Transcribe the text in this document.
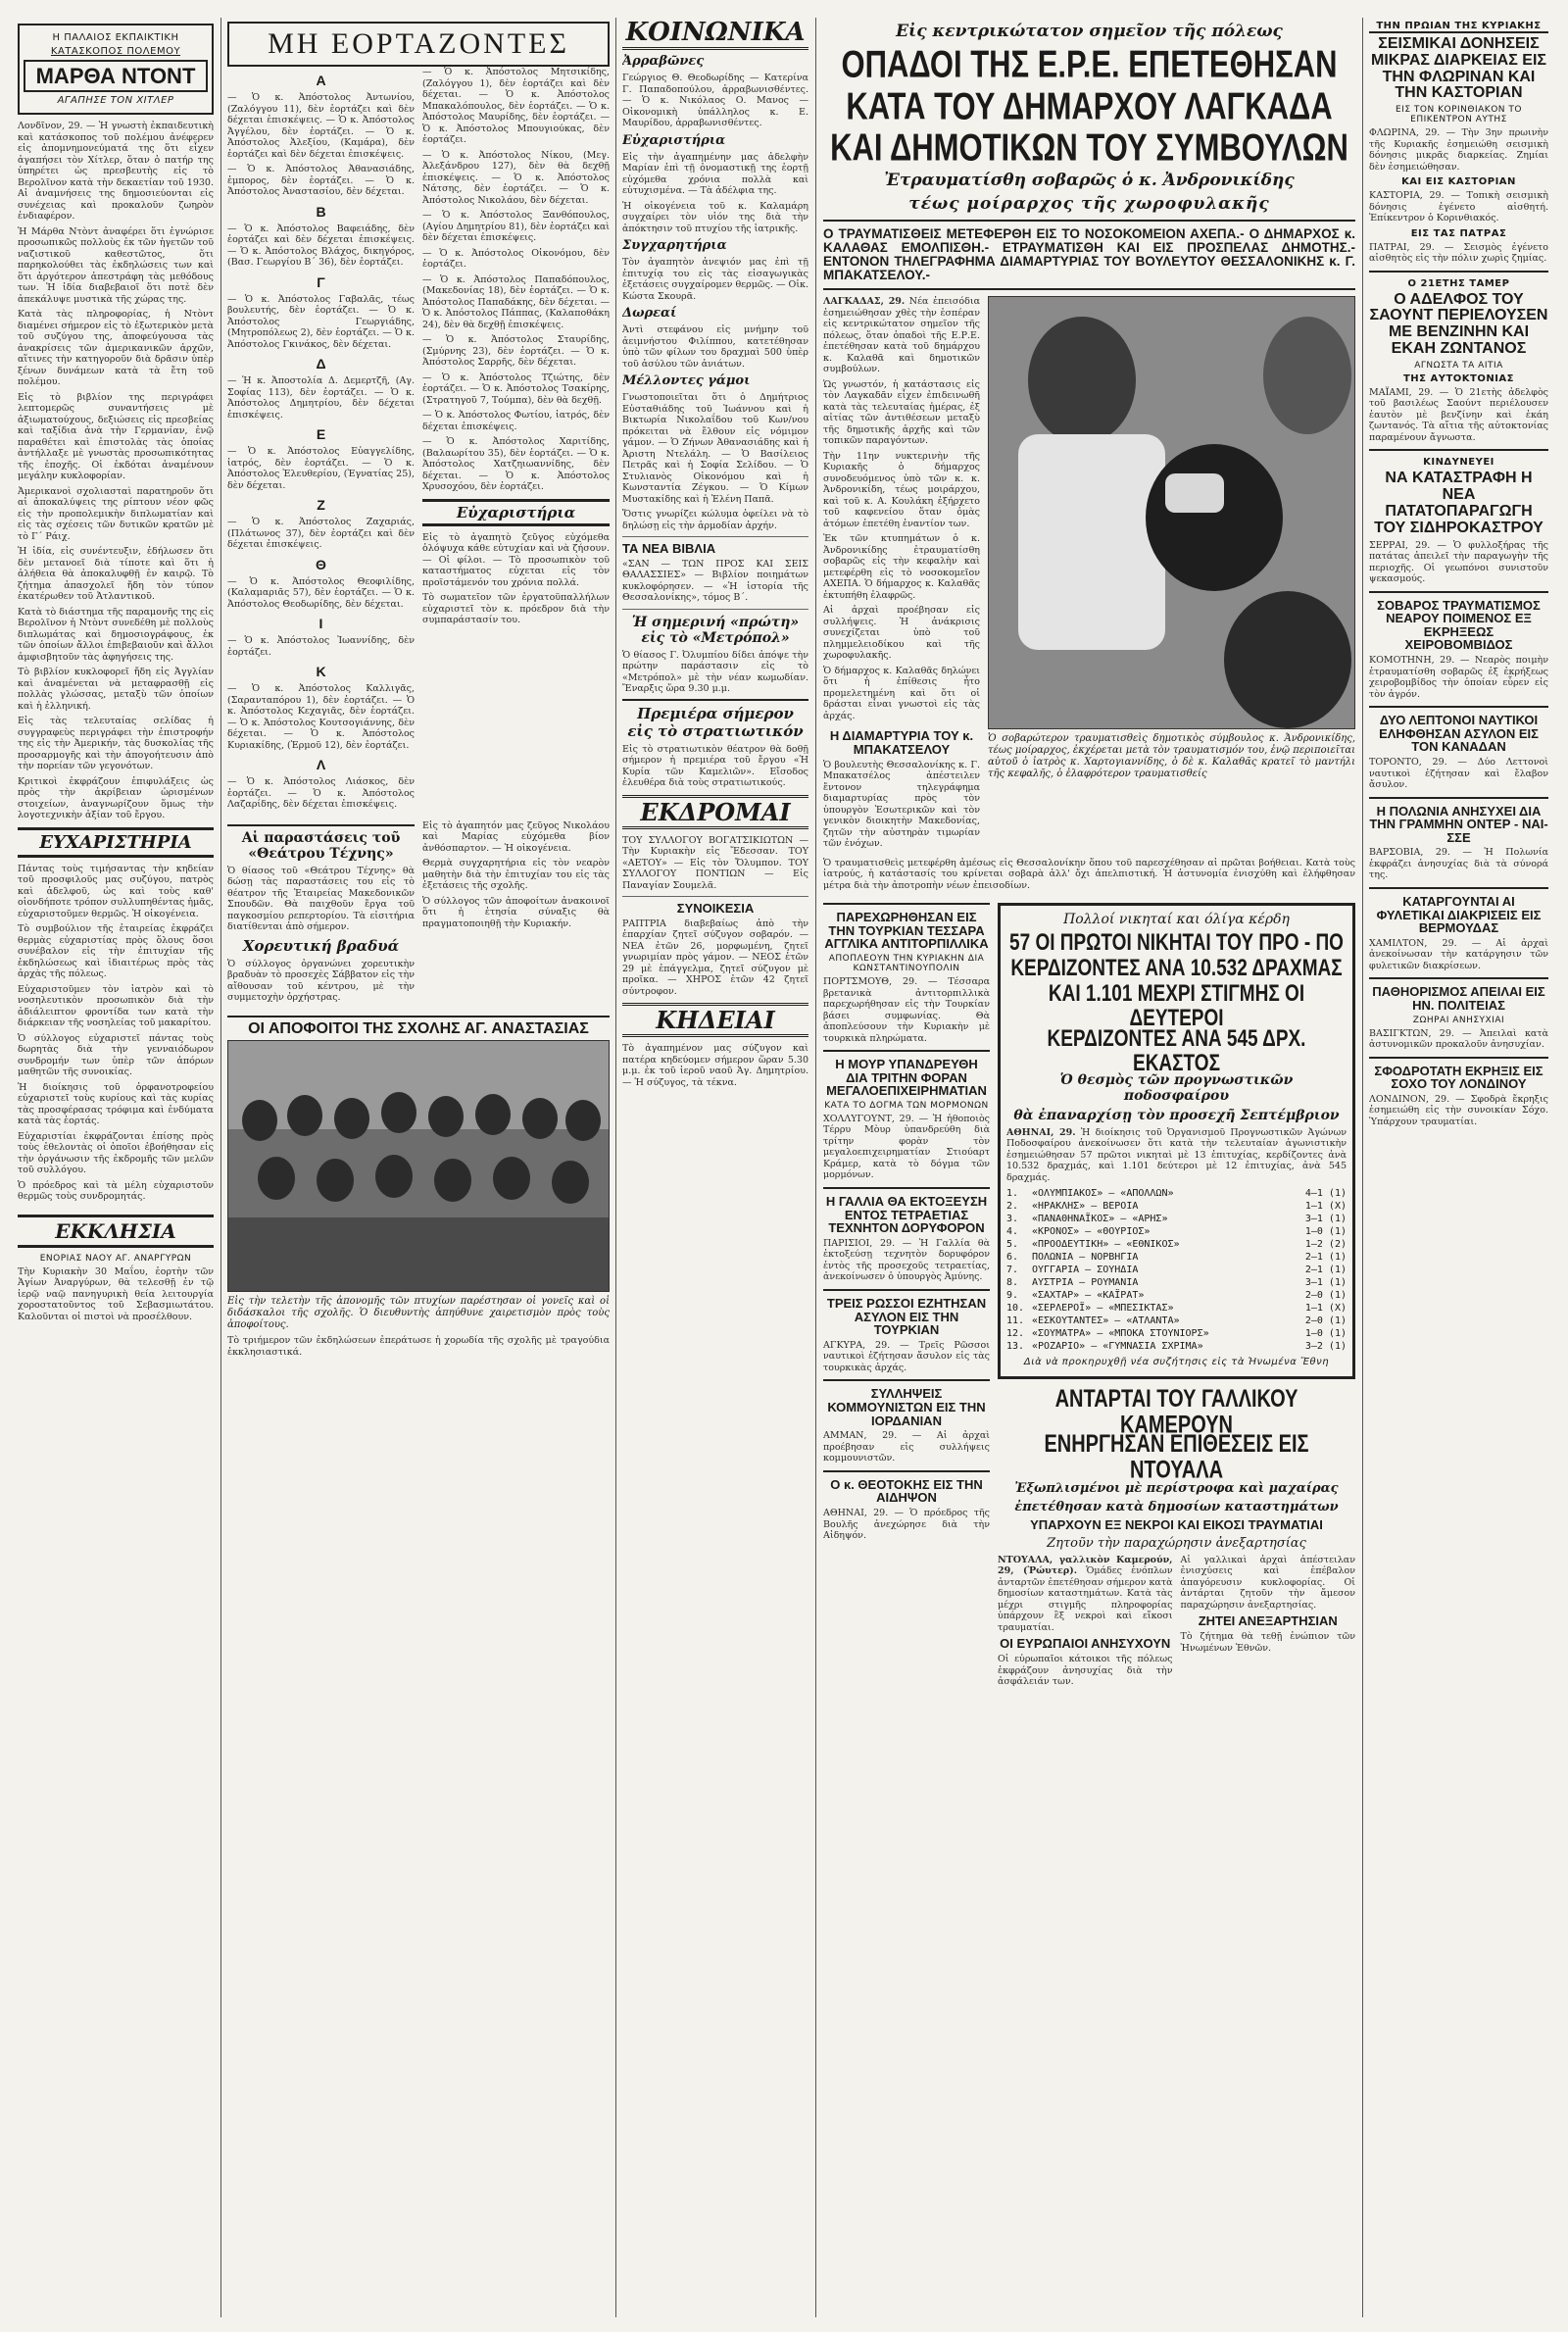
Η ΠΑΛΑΙΟΣ ΕΚΠΑΙΚΤΙΚΗ
ΚΑΤΑΣΚΟΠΟΣ ΠΟΛΕΜΟΥ
ΜΑΡΘΑ ΝΤΟΝΤ
ΑΓΑΠΗΣΕ ΤΟΝ ΧΙΤΛΕΡ

Λονδῖνον, 29. — Ἡ γνωστὴ ἐκπαιδευτικὴ καὶ κατάσκοπος τοῦ πολέμου ἀνέφερεν εἰς ἀπομνημονεύματά της ὅτι εἶχεν ἀγαπήσει τὸν Χίτλερ, ὅταν ὁ πατήρ της ὑπηρέτει ὡς πρεσβευτὴς εἰς τὸ Βερολῖνον κατὰ τὴν δεκαετίαν τοῦ 1930. Αἱ ἀναμνήσεις της δημοσιεύονται εἰς συνέχειας καὶ προκαλοῦν ζωηρὸν ἐνδιαφέρον.

Ἡ Μάρθα Ντὸντ ἀναφέρει ὅτι ἐγνώρισε προσωπικῶς πολλοὺς ἐκ τῶν ἡγετῶν τοῦ ναζιστικοῦ καθεστῶτος, ὅτι παρηκολούθει τὰς ἐκδηλώσεις των καὶ ὅτι ἀργότερον ἀπεστράφη τὰς μεθόδους των. Ἡ ἰδία διαβεβαιοῖ ὅτι ποτὲ δὲν ἀπεκάλυψε μυστικὰ τῆς χώρας της.

Κατὰ τὰς πληροφορίας, ἡ Ντὸντ διαμένει σήμερον εἰς τὸ ἐξωτερικὸν μετὰ τοῦ συζύγου της, ἀποφεύγουσα τὰς ἀνακρίσεις τῶν ἀμερικανικῶν ἀρχῶν, αἵτινες τὴν κατηγοροῦν διὰ δρᾶσιν ὑπὲρ ξένων δυνάμεων κατὰ τὰ ἔτη τοῦ πολέμου.

Εἰς τὸ βιβλίον της περιγράφει λεπτομερῶς συναντήσεις μὲ ἀξιωματούχους, δεξιώσεις εἰς πρεσβείας καὶ ταξίδια ἀνὰ τὴν Γερμανίαν, ἐνῷ παραθέτει καὶ ἐπιστολὰς τὰς ὁποίας ἀντήλλαξε μὲ γνωστὰς προσωπικότητας τῆς ἐποχῆς. Οἱ ἐκδόται ἀναμένουν μεγάλην κυκλοφορίαν.

Ἀμερικανοὶ σχολιασταὶ παρατηροῦν ὅτι αἱ ἀποκαλύψεις της ρίπτουν νέον φῶς εἰς τὴν προπολεμικὴν διπλωματίαν καὶ εἰς τὰς σχέσεις τῶν δυτικῶν κρατῶν μὲ τὸ Γ΄ Ράιχ.

Ἡ ἰδία, εἰς συνέντευξιν, ἐδήλωσεν ὅτι δὲν μετανοεῖ διὰ τίποτε καὶ ὅτι ἡ ἀλήθεια θὰ ἀποκαλυφθῇ ἐν καιρῷ. Τὸ ζήτημα ἀπασχολεῖ ἤδη τὸν τύπον ἑκατέρωθεν τοῦ Ἀτλαντικοῦ.

Κατὰ τὸ διάστημα τῆς παραμονῆς της εἰς Βερολῖνον ἡ Ντὸντ συνεδέθη μὲ πολλοὺς διπλωμάτας καὶ δημοσιογράφους, ἐκ τῶν ὁποίων ἄλλοι ἐπιβεβαιοῦν καὶ ἄλλοι ἀμφισβητοῦν τὰς ἀφηγήσεις της.

Τὸ βιβλίον κυκλοφορεῖ ἤδη εἰς Ἀγγλίαν καὶ ἀναμένεται νὰ μεταφρασθῇ εἰς πολλὰς γλώσσας, μεταξὺ τῶν ὁποίων καὶ ἡ ἑλληνική.

Εἰς τὰς τελευταίας σελίδας ἡ συγγραφεὺς περιγράφει τὴν ἐπιστροφήν της εἰς τὴν Ἀμερικήν, τὰς δυσκολίας τῆς προσαρμογῆς καὶ τὴν ἀπογοήτευσιν ἀπὸ τὴν πορείαν τῶν γεγονότων.

Κριτικοὶ ἐκφράζουν ἐπιφυλάξεις ὡς πρὸς τὴν ἀκρίβειαν ὡρισμένων στοιχείων, ἀναγνωρίζουν ὅμως τὴν λογοτεχνικὴν ἀξίαν τοῦ ἔργου.

ΕΥΧΑΡΙΣΤΗΡΙΑ

Πάντας τοὺς τιμήσαντας τὴν κηδείαν τοῦ προσφιλοῦς μας συζύγου, πατρὸς καὶ ἀδελφοῦ, ὡς καὶ τοὺς καθ' οἱονδήποτε τρόπον συλλυπηθέντας ἡμᾶς, εὐχαριστοῦμεν θερμῶς. Ἡ οἰκογένεια.

Τὸ συμβούλιον τῆς ἑταιρείας ἐκφράζει θερμὰς εὐχαριστίας πρὸς ὅλους ὅσοι συνέβαλον εἰς τὴν ἐπιτυχίαν τῆς ἐκδηλώσεως καὶ ἰδιαιτέρως πρὸς τὰς ἀρχὰς τῆς πόλεως.

Εὐχαριστοῦμεν τὸν ἰατρὸν καὶ τὸ νοσηλευτικὸν προσωπικὸν διὰ τὴν ἀδιάλειπτον φροντίδα των κατὰ τὴν διάρκειαν τῆς νοσηλείας τοῦ μακαρίτου.

Ὁ σύλλογος εὐχαριστεῖ πάντας τοὺς δωρητὰς διὰ τὴν γενναιόδωρον συνδρομήν των ὑπὲρ τῶν ἀπόρων μαθητῶν τῆς συνοικίας.

Ἡ διοίκησις τοῦ ὀρφανοτροφείου εὐχαριστεῖ τοὺς κυρίους καὶ τὰς κυρίας τὰς προσφέρασας τρόφιμα καὶ ἐνδύματα κατὰ τὰς ἑορτάς.

Εὐχαριστίαι ἐκφράζονται ἐπίσης πρὸς τοὺς ἐθελοντὰς οἱ ὁποῖοι ἐβοήθησαν εἰς τὴν ὀργάνωσιν τῆς ἐκδρομῆς τῶν μελῶν τοῦ συλλόγου.

Ὁ πρόεδρος καὶ τὰ μέλη εὐχαριστοῦν θερμῶς τοὺς συνδρομητάς.

ΕΚΚΛΗΣΙΑ
ΕΝΟΡΙΑΣ ΝΑΟΥ ΑΓ. ΑΝΑΡΓΥΡΩΝ

Τὴν Κυριακὴν 30 Μαΐου, ἑορτὴν τῶν Ἁγίων Ἀναργύρων, θὰ τελεσθῇ ἐν τῷ ἱερῷ ναῷ πανηγυρικὴ θεία λειτουργία χοροστατοῦντος τοῦ Σεβασμιωτάτου. Καλοῦνται οἱ πιστοὶ νὰ προσέλθουν.

ΜΗ ΕΟΡΤΑΖΟΝΤΕΣ
Α

— Ὁ κ. Ἀπόστολος Ἀντωνίου, (Ζαλόγγου 11), δὲν ἑορτάζει καὶ δὲν δέχεται ἐπισκέψεις. — Ὁ κ. Ἀπόστολος Ἀγγέλου, δὲν ἑορτάζει. — Ὁ κ. Ἀπόστολος Ἀλεξίου, (Καμάρα), δὲν ἑορτάζει καὶ δὲν δέχεται ἐπισκέψεις.

— Ὁ κ. Ἀπόστολος Ἀθανασιάδης, ἐμπορος, δὲν ἑορτάζει. — Ὁ κ. Ἀπόστολος Ἀναστασίου, δὲν δέχεται.

Β

— Ὁ κ. Ἀπόστολος Βαφειάδης, δὲν ἑορτάζει καὶ δὲν δέχεται ἐπισκέψεις. — Ὁ κ. Ἀπόστολος Βλάχος, δικηγόρος, (Βασ. Γεωργίου Β΄ 36), δὲν ἑορτάζει.

Γ

— Ὁ κ. Ἀπόστολος Γαβαλᾶς, τέως βουλευτής, δὲν ἑορτάζει. — Ὁ κ. Ἀπόστολος Γεωργιάδης, (Μητροπόλεως 2), δὲν ἑορτάζει. — Ὁ κ. Ἀπόστολος Γκινάκος, δὲν δέχεται.

Δ

— Ἡ κ. Ἀποστολία Δ. Δεμερτζῆ, (Αγ. Σοφίας 113), δὲν ἑορτάζει. — Ὁ κ. Ἀπόστολος Δημητρίου, δὲν δέχεται ἐπισκέψεις.

Ε

— Ὁ κ. Ἀπόστολος Εὐαγγελίδης, ἰατρός, δὲν ἑορτάζει. — Ὁ κ. Ἀπόστολος Ἐλευθερίου, (Ἐγνατίας 25), δὲν δέχεται.

Ζ

— Ὁ κ. Ἀπόστολος Ζαχαριάς, (Πλάτωνος 37), δὲν ἑορτάζει καὶ δὲν δέχεται ἐπισκέψεις.

Θ

— Ὁ κ. Ἀπόστολος Θεοφιλίδης, (Καλαμαριᾶς 57), δὲν ἑορτάζει. — Ὁ κ. Ἀπόστολος Θεοδωρίδης, δὲν δέχεται.

Ι

— Ὁ κ. Ἀπόστολος Ἰωαννίδης, δὲν ἑορτάζει.

Κ

— Ὁ κ. Ἀπόστολος Καλλιγᾶς, (Σαρανταπόρου 1), δὲν ἑορτάζει. — Ὁ κ. Ἀπόστολος Κεχαγιᾶς, δὲν ἑορτάζει. — Ὁ κ. Ἀπόστολος Κουτσογιάννης, δὲν δέχεται. — Ὁ κ. Ἀπόστολος Κυριακίδης, (Ἑρμοῦ 12), δὲν ἑορτάζει.

Λ

— Ὁ κ. Ἀπόστολος Λιάσκος, δὲν ἑορτάζει. — Ὁ κ. Ἀπόστολος Λαζαρίδης, δὲν δέχεται ἐπισκέψεις.

— Ὁ κ. Ἀπόστολος Μητσικίδης, (Ζαλόγγου 1), δὲν ἑορτάζει καὶ δὲν δέχεται. — Ὁ κ. Ἀπόστολος Μπακαλόπουλος, δὲν ἑορτάζει. — Ὁ κ. Ἀπόστολος Μαυρίδης, δὲν ἑορτάζει. — Ὁ κ. Ἀπόστολος Μπουγιούκας, δὲν ἑορτάζει.

— Ὁ κ. Ἀπόστολος Νίκου, (Μεγ. Ἀλεξάνδρου 127), δὲν θὰ δεχθῇ ἐπισκέψεις. — Ὁ κ. Ἀπόστολος Νάτσης, δὲν ἑορτάζει. — Ὁ κ. Ἀπόστολος Νικολάου, δὲν δέχεται.

— Ὁ κ. Ἀπόστολος Ξανθόπουλος, (Αγίου Δημητρίου 81), δὲν ἑορτάζει καὶ δὲν δέχεται ἐπισκέψεις.

— Ὁ κ. Ἀπόστολος Οἰκονόμου, δὲν ἑορτάζει.

— Ὁ κ. Ἀπόστολος Παπαδόπουλος, (Μακεδονίας 18), δὲν ἑορτάζει. — Ὁ κ. Ἀπόστολος Παπαδάκης, δὲν δέχεται. — Ὁ κ. Ἀπόστολος Πάππας, (Καλαποθάκη 24), δὲν θὰ δεχθῇ ἐπισκέψεις.

— Ὁ κ. Ἀπόστολος Σταυρίδης, (Σμύρνης 23), δὲν ἑορτάζει. — Ὁ κ. Ἀπόστολος Σαρρῆς, δὲν δέχεται.

— Ὁ κ. Ἀπόστολος Τζιώτης, δὲν ἑορτάζει. — Ὁ κ. Ἀπόστολος Τσακίρης, (Στρατηγοῦ 7, Τούμπα), δὲν θὰ δεχθῇ.

— Ὁ κ. Ἀπόστολος Φωτίου, ἰατρός, δὲν δέχεται ἐπισκέψεις.

— Ὁ κ. Ἀπόστολος Χαριτίδης, (Βαλαωρίτου 35), δὲν ἑορτάζει. — Ὁ κ. Ἀπόστολος Χατζηιωαννίδης, δὲν δέχεται. — Ὁ κ. Ἀπόστολος Χρυσοχόου, δὲν ἑορτάζει.

Εὐχαριστήρια

Εἰς τὸ ἀγαπητὸ ζεῦγος εὐχόμεθα ὁλόψυχα κάθε εὐτυχίαν καὶ νὰ ζήσουν. — Οἱ φίλοι. — Τὸ προσωπικὸν τοῦ καταστήματος εὐχεται εἰς τὸν προϊστάμενόν του χρόνια πολλά.

Τὸ σωματεῖον τῶν ἐργατοϋπαλλήλων εὐχαριστεῖ τὸν κ. πρόεδρον διὰ τὴν συμπαράστασίν του.

Αἱ παραστάσεις τοῦ «Θεάτρου Τέχνης»

Ὁ θίασος τοῦ «Θεάτρου Τέχνης» θὰ δώσῃ τὰς παραστάσεις του εἰς τὸ θέατρον τῆς Ἑταιρείας Μακεδονικῶν Σπουδῶν. Θὰ παιχθοῦν ἔργα τοῦ παγκοσμίου ρεπερτορίου. Τὰ εἰσιτήρια διατίθενται ἀπὸ σήμερον.

Χορευτική βραδυά

Ὁ σύλλογος ὀργανώνει χορευτικὴν βραδυὰν τὸ προσεχὲς Σάββατον εἰς τὴν αἴθουσαν τοῦ κέντρου, μὲ τὴν συμμετοχὴν ὀρχήστρας.

Εἰς τὸ ἀγαπητόν μας ζεῦγος Νικολάου καὶ Μαρίας εὐχόμεθα βίον ἀνθόσπαρτον. — Ἡ οἰκογένεια.

Θερμὰ συγχαρητήρια εἰς τὸν νεαρὸν μαθητὴν διὰ τὴν ἐπιτυχίαν του εἰς τὰς ἐξετάσεις τῆς σχολῆς.

Ὁ σύλλογος τῶν ἀποφοίτων ἀνακοινοῖ ὅτι ἡ ἐτησία σύναξις θὰ πραγματοποιηθῇ τὴν Κυριακήν.

ΟΙ ΑΠΟΦΟΙΤΟΙ ΤΗΣ ΣΧΟΛΗΣ ΑΓ. ΑΝΑΣΤΑΣΙΑΣ

Εἰς τὴν τελετὴν τῆς ἀπονομῆς τῶν πτυχίων παρέστησαν οἱ γονεῖς καὶ οἱ διδάσκαλοι τῆς σχολῆς. Ὁ διευθυντὴς ἀπηύθυνε χαιρετισμὸν πρὸς τοὺς ἀποφοίτους.

Τὸ τριήμερον τῶν ἐκδηλώσεων ἐπεράτωσε ἡ χορωδία τῆς σχολῆς μὲ τραγούδια ἐκκλησιαστικά.

ΚΟΙΝΩΝΙΚΑ
Ἀρραβῶνες

Γεώργιος Θ. Θεοδωρίδης — Κατερίνα Γ. Παπαδοπούλου, ἀρραβωνισθέντες. — Ὁ κ. Νικόλαος Ο. Μανος — Οἰκονομικὴ ὑπάλληλος κ. Ε. Μαυρίδου, ἀρραβωνισθέντες.

Εὐχαριστήρια

Εἰς τὴν ἀγαπημένην μας ἀδελφὴν Μαρίαν ἐπὶ τῇ ὀνομαστικῇ της ἑορτῇ εὐχόμεθα χρόνια πολλὰ καὶ εὐτυχισμένα. — Τὰ ἀδέλφια της.

Ἡ οἰκογένεια τοῦ κ. Καλαμάρη συγχαίρει τὸν υἱόν της διὰ τὴν ἀπόκτησιν τοῦ πτυχίου τῆς ἰατρικῆς.

Συγχαρητήρια

Τὸν ἀγαπητὸν ἀνεψιόν μας ἐπὶ τῇ ἐπιτυχίᾳ του εἰς τὰς εἰσαγωγικὰς ἐξετάσεις συγχαίρομεν θερμῶς. — Οἰκ. Κώστα Σκουρᾶ.

Δωρεαί

Ἀντὶ στεφάνου εἰς μνήμην τοῦ ἀειμνήστου Φιλίππου, κατετέθησαν ὑπὸ τῶν φίλων του δραχμαὶ 500 ὑπὲρ τοῦ ἀσύλου τῶν ἀνιάτων.

Μέλλοντες γάμοι

Γνωστοποιεῖται ὅτι ὁ Δημήτριος Εὐσταθιάδης τοῦ Ἰωάννου καὶ ἡ Βικτωρία Νικολαΐδου τοῦ Κων/νου πρόκειται νὰ ἔλθουν εἰς νόμιμον γάμον. — Ὁ Ζήνων Ἀθανασιάδης καὶ ἡ Ἀριστη Ντελάλη. — Ὁ Βασίλειος Πετρᾶς καὶ ἡ Σοφία Σελίδου. — Ὁ Στυλιανὸς Οἰκονόμου καὶ ἡ Κωνσταντία Ζέγκου. — Ὁ Κίμων Μυστακίδης καὶ ἡ Ἑλένη Παπᾶ.

Ὅστις γνωρίζει κώλυμα ὀφείλει νὰ τὸ δηλώσῃ εἰς τὴν ἁρμοδίαν ἀρχήν.

ΤΑ ΝΕΑ ΒΙΒΛΙΑ

«ΣΑΝ — ΤΩΝ ΠΡΟΣ ΚΑΙ ΣΕΙΣ ΘΑΛΑΣΣΙΕΣ» — Βιβλίον ποιημάτων κυκλοφόρησεν. — «Ἡ ἱστορία τῆς Θεσσαλονίκης», τόμος Β΄.

Ἡ σημερινή «πρώτη» εἰς τὸ «Μετρόπολ»

Ὁ θίασος Γ. Ὀλυμπίου δίδει ἀπόψε τὴν πρώτην παράστασιν εἰς τὸ «Μετρόπολ» μὲ τὴν νέαν κωμωδίαν. Ἔναρξις ὥρα 9.30 μ.μ.

Πρεμιέρα σήμερον εἰς τὸ στρατιωτικόν

Εἰς τὸ στρατιωτικὸν θέατρον θὰ δοθῇ σήμερον ἡ πρεμιέρα τοῦ ἔργου «Ἡ Κυρία τῶν Καμελιῶν». Εἴσοδος ἐλευθέρα διὰ τοὺς στρατιωτικούς.

ΕΚΔΡΟΜΑΙ

ΤΟΥ ΣΥΛΛΟΓΟΥ ΒΟΓΑΤΣΙΚΙΩΤΩΝ — Τὴν Κυριακὴν εἰς Ἔδεσσαν. ΤΟΥ «ΑΕΤΟΥ» — Εἰς τὸν Ὄλυμπον. ΤΟΥ ΣΥΛΛΟΓΟΥ ΠΟΝΤΙΩΝ — Εἰς Παναγίαν Σουμελᾶ.

ΣΥΝΟΙΚΕΣΙΑ

ΡΑΠΤΡΙΑ διαβεβαίως ἀπὸ τὴν ἐπαρχίαν ζητεῖ σύζυγον σοβαρόν. — ΝΕΑ ἐτῶν 26, μορφωμένη, ζητεῖ γνωριμίαν πρὸς γάμον. — ΝΕΟΣ ἐτῶν 29 μὲ ἐπάγγελμα, ζητεῖ σύζυγον μὲ προῖκα. — ΧΗΡΟΣ ἐτῶν 42 ζητεῖ σύντροφον.

ΚΗΔΕΙΑΙ

Τὸ ἀγαπημένον μας σύζυγον καὶ πατέρα κηδεύομεν σήμερον ὥραν 5.30 μ.μ. ἐκ τοῦ ἱεροῦ ναοῦ Ἁγ. Δημητρίου. — Ἡ σύζυγος, τὰ τέκνα.

Εἰς κεντρικώτατον σημεῖον τῆς πόλεως
ΟΠΑΔΟΙ ΤΗΣ Ε.Ρ.Ε. ΕΠΕΤΕΘΗΣΑΝ
ΚΑΤΑ ΤΟΥ ΔΗΜΑΡΧΟΥ ΛΑΓΚΑΔΑ
ΚΑΙ ΔΗΜΟΤΙΚΩΝ ΤΟΥ ΣΥΜΒΟΥΛΩΝ
Ἐτραυματίσθη σοβαρῶς ὁ κ. Ἀνδρονικίδης
τέως μοίραρχος τῆς χωροφυλακῆς
Ο ΤΡΑΥΜΑΤΙΣΘΕΙΣ ΜΕΤΕΦΕΡΘΗ ΕΙΣ ΤΟ ΝΟΣΟΚΟΜΕΙΟΝ ΑΧΕΠΑ.- Ο ΔΗΜΑΡΧΟΣ κ. ΚΑΛΑΘΑΣ ΕΜΟΛΠΙΣΘΗ.- ΕΤΡΑΥΜΑΤΙΣΘΗ ΚΑΙ ΕΙΣ ΠΡΟΣΠΕΛΑΣ ΔΗΜΟΤΗΣ.- ΕΝΤΟΝΟΝ ΤΗΛΕΓΡΑΦΗΜΑ ΔΙΑΜΑΡΤΥΡΙΑΣ ΤΟΥ ΒΟΥΛΕΥΤΟΥ ΘΕΣΣΑΛΟΝΙΚΗΣ κ. Γ. ΜΠΑΚΑΤΣΕΛΟΥ.-

ΛΑΓΚΑΔΑΣ, 29. Νέα ἐπεισόδια ἐσημειώθησαν χθὲς τὴν ἑσπέραν εἰς κεντρικώτατον σημεῖον τῆς πόλεως, ὅταν ὁπαδοὶ τῆς Ε.Ρ.Ε. ἐπετέθησαν κατὰ τοῦ δημάρχου κ. Καλαθᾶ καὶ δημοτικῶν συμβούλων.

Ὡς γνωστόν, ἡ κατάστασις εἰς τὸν Λαγκαδᾶν εἶχεν ἐπιδεινωθῆ κατὰ τὰς τελευταίας ἡμέρας, ἐξ αἰτίας τῶν ἀντιθέσεων μεταξὺ τῆς δημοτικῆς ἀρχῆς καὶ τῶν τοπικῶν παραγόντων.

Τὴν 11ην νυκτερινὴν τῆς Κυριακῆς ὁ δήμαρχος συνοδευόμενος ὑπὸ τῶν κ. κ. Ἀνδρονικίδη, τέως μοιράρχου, καὶ τοῦ κ. Α. Κουλάκη ἐξήρχετο τοῦ καφενείου ὅταν ὁμὰς ἀτόμων ἐπετέθη ἐναντίον των.

Ἐκ τῶν κτυπημάτων ὁ κ. Ἀνδρονικίδης ἐτραυματίσθη σοβαρῶς εἰς τὴν κεφαλὴν καὶ μετεφέρθη εἰς τὸ νοσοκομεῖον ΑΧΕΠΑ. Ὁ δήμαρχος κ. Καλαθᾶς ἐκτυπήθη ἐλαφρῶς.

Αἱ ἀρχαὶ προέβησαν εἰς συλλήψεις. Ἡ ἀνάκρισις συνεχίζεται ὑπὸ τοῦ πλημμελειοδίκου καὶ τῆς χωροφυλακῆς.

Ὁ δήμαρχος κ. Καλαθᾶς δηλώνει ὅτι ἡ ἐπίθεσις ἦτο προμελετημένη καὶ ὅτι οἱ δράσται εἶναι γνωστοὶ εἰς τὰς ἀρχάς.

Η ΔΙΑΜΑΡΤΥΡΙΑ ΤΟΥ κ. ΜΠΑΚΑΤΣΕΛΟΥ

Ὁ βουλευτὴς Θεσσαλονίκης κ. Γ. Μπακατσέλος ἀπέστειλεν ἔντονον τηλεγράφημα διαμαρτυρίας πρὸς τὸν ὑπουργὸν Ἐσωτερικῶν καὶ τὸν γενικὸν διοικητὴν Μακεδονίας, ζητῶν τὴν αὐστηρὰν τιμωρίαν τῶν ἐνόχων.

Ὁ σοβαρώτερον τραυματισθεὶς δημοτικὸς σύμβουλος κ. Ἀνδρονικίδης, τέως μοίραρχος, ἐκχέρεται μετὰ τὸν τραυματισμόν του, ἐνῷ περιποιεῖται αὐτοῦ ὁ ἰατρὸς κ. Χαρτογιαννίδης, ὁ δὲ κ. Καλαθᾶς κρατεῖ τὸ μαντήλι τῆς κεφαλῆς, ὁ ἐλαφρότερον τραυματισθείς

Ὁ τραυματισθεὶς μετεφέρθη ἀμέσως εἰς Θεσσαλονίκην ὅπου τοῦ παρεσχέθησαν αἱ πρῶται βοήθειαι. Κατὰ τοὺς ἰατρούς, ἡ κατάστασίς του κρίνεται σοβαρὰ ἀλλ' ὄχι ἀπελπιστική. Ἡ ἀστυνομία ἐνισχύθη καὶ ἐλήφθησαν μέτρα διὰ τὴν ἀποτροπὴν νέων ἐπεισοδίων.

ΠΑΡΕΧΩΡΗΘΗΣΑΝ ΕΙΣ ΤΗΝ ΤΟΥΡΚΙΑΝ ΤΕΣΣΑΡΑ ΑΓΓΛΙΚΑ ΑΝΤΙΤΟΡΠΙΛΛΙΚΑ
ΑΠΟΠΛΕΟΥΝ ΤΗΝ ΚΥΡΙΑΚΗΝ ΔΙΑ ΚΩΝΣΤΑΝΤΙΝΟΥΠΟΛΙΝ

ΠΟΡΤΣΜΟΥΘ, 29. — Τέσσαρα βρετανικὰ ἀντιτορπιλλικὰ παρεχωρήθησαν εἰς τὴν Τουρκίαν βάσει συμφωνίας. Θὰ ἀποπλεύσουν τὴν Κυριακὴν μὲ τουρκικὰ πληρώματα.

Η ΜΟΥΡ ΥΠΑΝΔΡΕΥΘΗ ΔΙΑ ΤΡΙΤΗΝ ΦΟΡΑΝ ΜΕΓΑΛΟΕΠΙΧΕΙΡΗΜΑΤΙΑΝ
ΚΑΤΑ ΤΟ ΔΟΓΜΑ ΤΩΝ ΜΟΡΜΟΝΩΝ

ΧΟΛΛΥΓΟΥΝΤ, 29. — Ἡ ἠθοποιὸς Τέρρυ Μὸυρ ὑπανδρεύθη διὰ τρίτην φορὰν τὸν μεγαλοεπιχειρηματίαν Στιούαρτ Κράμερ, κατὰ τὸ δόγμα τῶν μορμόνων.

Η ΓΑΛΛΙΑ ΘΑ ΕΚΤΟΞΕΥΣΗ ΕΝΤΟΣ ΤΕΤΡΑΕΤΙΑΣ ΤΕΧΝΗΤΟΝ ΔΟΡΥΦΟΡΟΝ

ΠΑΡΙΣΙΟΙ, 29. — Ἡ Γαλλία θὰ ἐκτοξεύσῃ τεχνητὸν δορυφόρον ἐντὸς τῆς προσεχοῦς τετραετίας, ἀνεκοίνωσεν ὁ ὑπουργὸς Ἀμύνης.

ΤΡΕΙΣ ΡΩΣΣΟΙ ΕΖΗΤΗΣΑΝ ΑΣΥΛΟΝ ΕΙΣ ΤΗΝ ΤΟΥΡΚΙΑΝ

ΑΓΚΥΡΑ, 29. — Τρεῖς Ρῶσσοι ναυτικοὶ ἐζήτησαν ἄσυλον εἰς τὰς τουρκικὰς ἀρχάς.

ΣΥΛΛΗΨΕΙΣ ΚΟΜΜΟΥΝΙΣΤΩΝ ΕΙΣ ΤΗΝ ΙΟΡΔΑΝΙΑΝ

ΑΜΜΑΝ, 29. — Αἱ ἀρχαὶ προέβησαν εἰς συλλήψεις κομμουνιστῶν.

Ο κ. ΘΕΟΤΟΚΗΣ ΕΙΣ ΤΗΝ ΑΙΔΗΨΟΝ

ΑΘΗΝΑΙ, 29. — Ὁ πρόεδρος τῆς Βουλῆς ἀνεχώρησε διὰ τὴν Αἰδηψόν.

Πολλοί νικηταί και όλίγα κέρδη
57 ΟΙ ΠΡΩΤΟΙ ΝΙΚΗΤΑΙ ΤΟΥ ΠΡΟ - ΠΟ
ΚΕΡΔΙΖΟΝΤΕΣ ΑΝΑ 10.532 ΔΡΑΧΜΑΣ
ΚΑΙ 1.101 ΜΕΧΡΙ ΣΤΙΓΜΗΣ ΟΙ ΔΕΥΤΕΡΟΙ
ΚΕΡΔΙΖΟΝΤΕΣ ΑΝΑ 545 ΔΡΧ. ΕΚΑΣΤΟΣ
Ὁ θεσμὸς τῶν προγνωστικῶν ποδοσφαίρου
θὰ ἐπαναρχίσῃ τὸν προσεχῆ Σεπτέμβριον

ΑΘΗΝΑΙ, 29. Ἡ διοίκησις τοῦ Ὀργανισμοῦ Προγνωστικῶν Ἀγώνων Ποδοσφαίρου ἀνεκοίνωσεν ὅτι κατὰ τὴν τελευταίαν ἀγωνιστικὴν ἐσημειώθησαν 57 πρῶτοι νικηταὶ μὲ 13 ἐπιτυχίας, κερδίζοντες ἀνὰ 10.532 δραχμάς, καὶ 1.101 δεύτεροι μὲ 12 ἐπιτυχίας, ἀνὰ 545 δραχμάς.

1.	«ΟΛΥΜΠΙΑΚΟΣ» — «ΑΠΟΛΛΩΝ»	4—1 (1)
2.	«ΗΡΑΚΛΗΣ» — ΒΕΡΟΙΑ	1—1 (Χ)
3.	«ΠΑΝΑΘΗΝΑΪΚΟΣ» — «ΑΡΗΣ»	3—1 (1)
4.	«ΚΡΟΝΟΣ» — «ΘΟΥΡΙΟΣ»	1—0 (1)
5.	«ΠΡΟΟΔΕΥΤΙΚΗ» — «ΕΘΝΙΚΟΣ»	1—2 (2)
6.	ΠΟΛΩΝΙΑ — ΝΟΡΒΗΓΙΑ	2—1 (1)
7.	ΟΥΓΓΑΡΙΑ — ΣΟΥΗΔΙΑ	2—1 (1)
8.	ΑΥΣΤΡΙΑ — ΡΟΥΜΑΝΙΑ	3—1 (1)
9.	«ΣΑΧΤΑΡ» — «ΚΑΪΡΑΤ»	2—0 (1)
10. «ΣΕΡΛΕΡΟΪ» — «ΜΠΕΣΙΚΤΑΣ»	1—1 (Χ)
11. «ΕΣΚΟΥΤΑΝΤΕΣ» — «ΑΤΛΑΝΤΑ»	2—0 (1)
12. «ΣΟΥΜΑΤΡΑ» — «ΜΠΟΚΑ ΣΤΟΥΝΙΟΡΣ»	1—0 (1)
13. «ΡΟΖΑΡΙΟ» — «ΓΥΜΝΑΣΙΑ ΣΧΡΙΜΑ»	3—2 (1)
Διὰ νὰ προκηρυχθῇ νέα συζήτησις εἰς τὰ Ἡνωμένα Ἔθνη
ΑΝΤΑΡΤΑΙ ΤΟΥ ΓΑΛΛΙΚΟΥ ΚΑΜΕΡΟΥΝ
ΕΝΗΡΓΗΣΑΝ ΕΠΙΘΕΣΕΙΣ ΕΙΣ ΝΤΟΥΑΛΑ
Ἐξωπλισμένοι μὲ περίστροφα καὶ μαχαίρας
ἐπετέθησαν κατὰ δημοσίων καταστημάτων
ΥΠΑΡΧΟΥΝ ΕΞ ΝΕΚΡΟΙ ΚΑΙ ΕΙΚΟΣΙ ΤΡΑΥΜΑΤΙΑΙ
Ζητοῦν τὴν παραχώρησιν ἀνεξαρτησίας

ΝΤΟΥΑΛΑ, γαλλικὸν Καμερούν, 29, (Ῥώυτερ). Ὁμάδες ἐνόπλων ἀνταρτῶν ἐπετέθησαν σήμερον κατὰ δημοσίων καταστημάτων. Κατὰ τὰς μέχρι στιγμῆς πληροφορίας ὑπάρχουν ἓξ νεκροὶ καὶ εἴκοσι τραυματίαι.

ΟΙ ΕΥΡΩΠΑΙΟΙ ΑΝΗΣΥΧΟΥΝ

Οἱ εὐρωπαῖοι κάτοικοι τῆς πόλεως ἐκφράζουν ἀνησυχίας διὰ τὴν ἀσφάλειάν των.

Αἱ γαλλικαὶ ἀρχαὶ ἀπέστειλαν ἐνισχύσεις καὶ ἐπέβαλον ἀπαγόρευσιν κυκλοφορίας. Οἱ ἀντάρται ζητοῦν τὴν ἄμεσον παραχώρησιν ἀνεξαρτησίας.

ΖΗΤΕΙ ΑΝΕΞΑΡΤΗΣΙΑΝ

Τὸ ζήτημα θὰ τεθῇ ἐνώπιον τῶν Ἡνωμένων Ἐθνῶν.

ΤΗΝ ΠΡΩΙΑΝ ΤΗΣ ΚΥΡΙΑΚΗΣ
ΣΕΙΣΜΙΚΑΙ ΔΟΝΗΣΕΙΣ ΜΙΚΡΑΣ ΔΙΑΡΚΕΙΑΣ ΕΙΣ ΤΗΝ ΦΛΩΡΙΝΑΝ ΚΑΙ ΤΗΝ ΚΑΣΤΟΡΙΑΝ
ΕΙΣ ΤΟΝ ΚΟΡΙΝΘΙΑΚΟΝ ΤΟ ΕΠΙΚΕΝΤΡΟΝ ΑΥΤΗΣ

ΦΛΩΡΙΝΑ, 29. — Τὴν 3ην πρωινὴν τῆς Κυριακῆς ἐσημειώθη σεισμικὴ δόνησις μικρᾶς διαρκείας. Ζημίαι δὲν ἐσημειώθησαν.

ΚΑΙ ΕΙΣ ΚΑΣΤΟΡΙΑΝ

ΚΑΣΤΟΡΙΑ, 29. — Τοπικὴ σεισμικὴ δόνησις ἐγένετο αἰσθητή. Ἐπίκεντρον ὁ Κορινθιακός.

ΕΙΣ ΤΑΣ ΠΑΤΡΑΣ

ΠΑΤΡΑΙ, 29. — Σεισμὸς ἐγένετο αἰσθητὸς εἰς τὴν πόλιν χωρὶς ζημίας.

Ο 21ΕΤΗΣ ΤΑΜΕΡ
Ο ΑΔΕΛΦΟΣ ΤΟΥ ΣΑΟΥΝΤ ΠΕΡΙΕΛΟΥΣΕΝ ΜΕ ΒΕΝΖΙΝΗΝ ΚΑΙ ΕΚΑΗ ΖΩΝΤΑΝΟΣ
ΑΓΝΩΣΤΑ ΤΑ ΑΙΤΙΑ
ΤΗΣ ΑΥΤΟΚΤΟΝΙΑΣ

ΜΑΪΑΜΙ, 29. — Ὁ 21ετὴς ἀδελφὸς τοῦ βασιλέως Σαούντ περιέλουσεν ἑαυτὸν μὲ βενζίνην καὶ ἐκάη ζωντανός. Τὰ αἴτια τῆς αὐτοκτονίας παραμένουν ἄγνωστα.

ΚΙΝΔΥΝΕΥΕΙ
ΝΑ ΚΑΤΑΣΤΡΑΦΗ Η ΝΕΑ ΠΑΤΑΤΟΠΑΡΑΓΩΓΗ ΤΟΥ ΣΙΔΗΡΟΚΑΣΤΡΟΥ

ΣΕΡΡΑΙ, 29. — Ὁ φυλλοξήρας τῆς πατάτας ἀπειλεῖ τὴν παραγωγὴν τῆς περιοχῆς. Οἱ γεωπόνοι συνιστοῦν ψεκασμούς.

ΣΟΒΑΡΟΣ ΤΡΑΥΜΑΤΙΣΜΟΣ ΝΕΑΡΟΥ ΠΟΙΜΕΝΟΣ ΕΞ ΕΚΡΗΞΕΩΣ ΧΕΙΡΟΒΟΜΒΙΔΟΣ

ΚΟΜΟΤΗΝΗ, 29. — Νεαρὸς ποιμὴν ἐτραυματίσθη σοβαρῶς ἐξ ἐκρήξεως χειροβομβίδος τὴν ὁποίαν εὗρεν εἰς τὸν ἀγρόν.

ΔΥΟ ΛΕΠΤΟΝΟΙ ΝΑΥΤΙΚΟΙ ΕΛΗΦΘΗΣΑΝ ΑΣΥΛΟΝ ΕΙΣ ΤΟΝ ΚΑΝΑΔΑΝ

ΤΟΡΟΝΤΟ, 29. — Δύο Λεττονοὶ ναυτικοὶ ἐζήτησαν καὶ ἔλαβον ἄσυλον.

Η ΠΟΛΩΝΙΑ ΑΝΗΣΥΧΕΙ ΔΙΑ ΤΗΝ ΓΡΑΜΜΗΝ ΟΝΤΕΡ - ΝΑΙ-ΣΣΕ

ΒΑΡΣΟΒΙΑ, 29. — Ἡ Πολωνία ἐκφράζει ἀνησυχίας διὰ τὰ σύνορά της.

ΚΑΤΑΡΓΟΥΝΤΑΙ ΑΙ ΦΥΛΕΤΙΚΑΙ ΔΙΑΚΡΙΣΕΙΣ ΕΙΣ ΒΕΡΜΟΥΔΑΣ

ΧΑΜΙΛΤΟΝ, 29. — Αἱ ἀρχαὶ ἀνεκοίνωσαν τὴν κατάργησιν τῶν φυλετικῶν διακρίσεων.

ΠΑΘΗΟΡΙΣΜΟΣ ΑΠΕΙΛΑΙ ΕΙΣ ΗΝ. ΠΟΛΙΤΕΙΑΣ
ΖΩΗΡΑΙ ΑΝΗΣΥΧΙΑΙ

ΒΑΣΙΓΚΤΩΝ, 29. — Ἀπειλαὶ κατὰ ἀστυνομικῶν προκαλοῦν ἀνησυχίαν.

ΣΦΟΔΡΟΤΑΤΗ ΕΚΡΗΞΙΣ ΕΙΣ ΣΟΧΟ ΤΟΥ ΛΟΝΔΙΝΟΥ

ΛΟΝΔΙΝΟΝ, 29. — Σφοδρὰ ἔκρηξις ἐσημειώθη εἰς τὴν συνοικίαν Σόχο. Ὑπάρχουν τραυματίαι.
